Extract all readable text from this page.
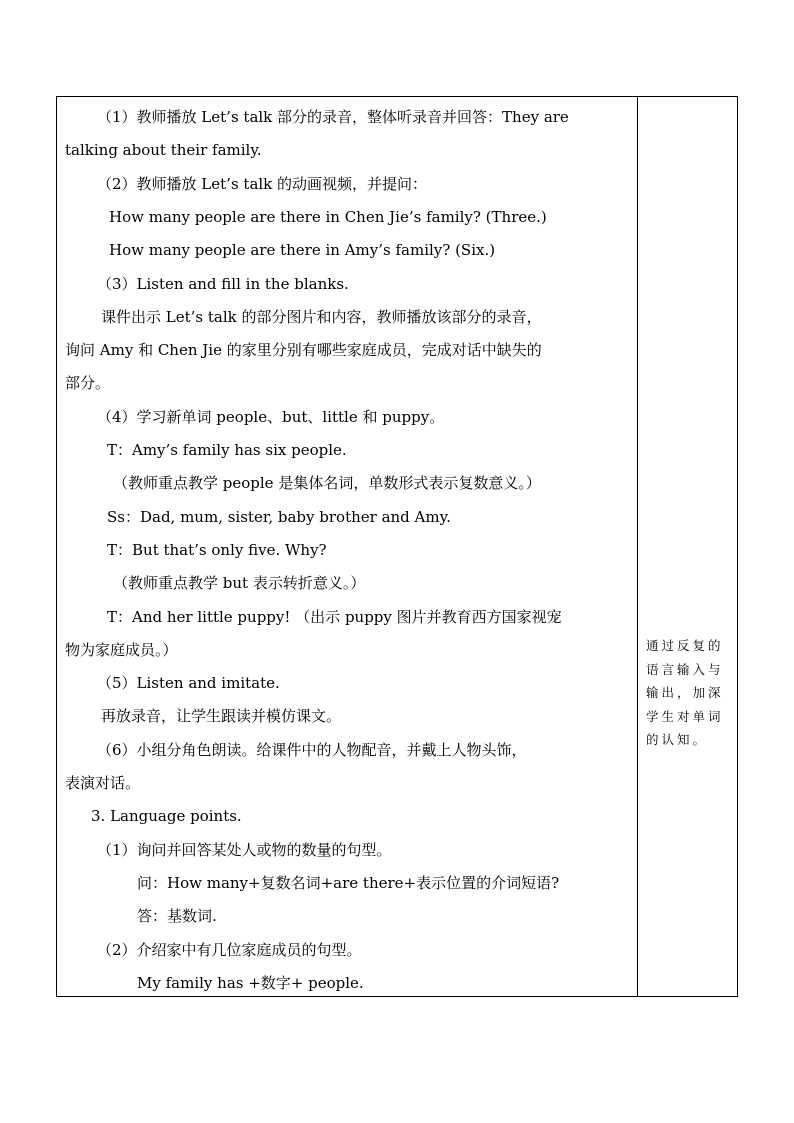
（1）教师播放 Let’s talk 部分的录音，整体听录音并回答：They are
talking about their family.
（2）教师播放 Let’s talk 的动画视频，并提问：
How many people are there in Chen Jie’s family? (Three.)
How many people are there in Amy’s family? (Six.)
（3）Listen and fill in the blanks.
课件出示 Let’s talk 的部分图片和内容，教师播放该部分的录音，
询问 Amy 和 Chen Jie 的家里分别有哪些家庭成员，完成对话中缺失的
部分。
（4）学习新单词 people、but、little 和 puppy。
T：Amy’s family has six people.
（教师重点教学 people 是集体名词，单数形式表示复数意义。）
Ss：Dad, mum, sister, baby brother and Amy.
T：But that’s only five. Why?
（教师重点教学 but 表示转折意义。）
T：And her little puppy! （出示 puppy 图片并教育西方国家视宠
物为家庭成员。）
（5）Listen and imitate.
再放录音，让学生跟读并模仿课文。
（6）小组分角色朗读。给课件中的人物配音，并戴上人物头饰，
表演对话。
3. Language points.
（1）询问并回答某处人或物的数量的句型。
问：How many+复数名词+are there+表示位置的介词短语?
答：基数词.
（2）介绍家中有几位家庭成员的句型。
My family has +数字+ people.
通过反复的
语言输入与
输出，加深
学生对单词
的认知。
